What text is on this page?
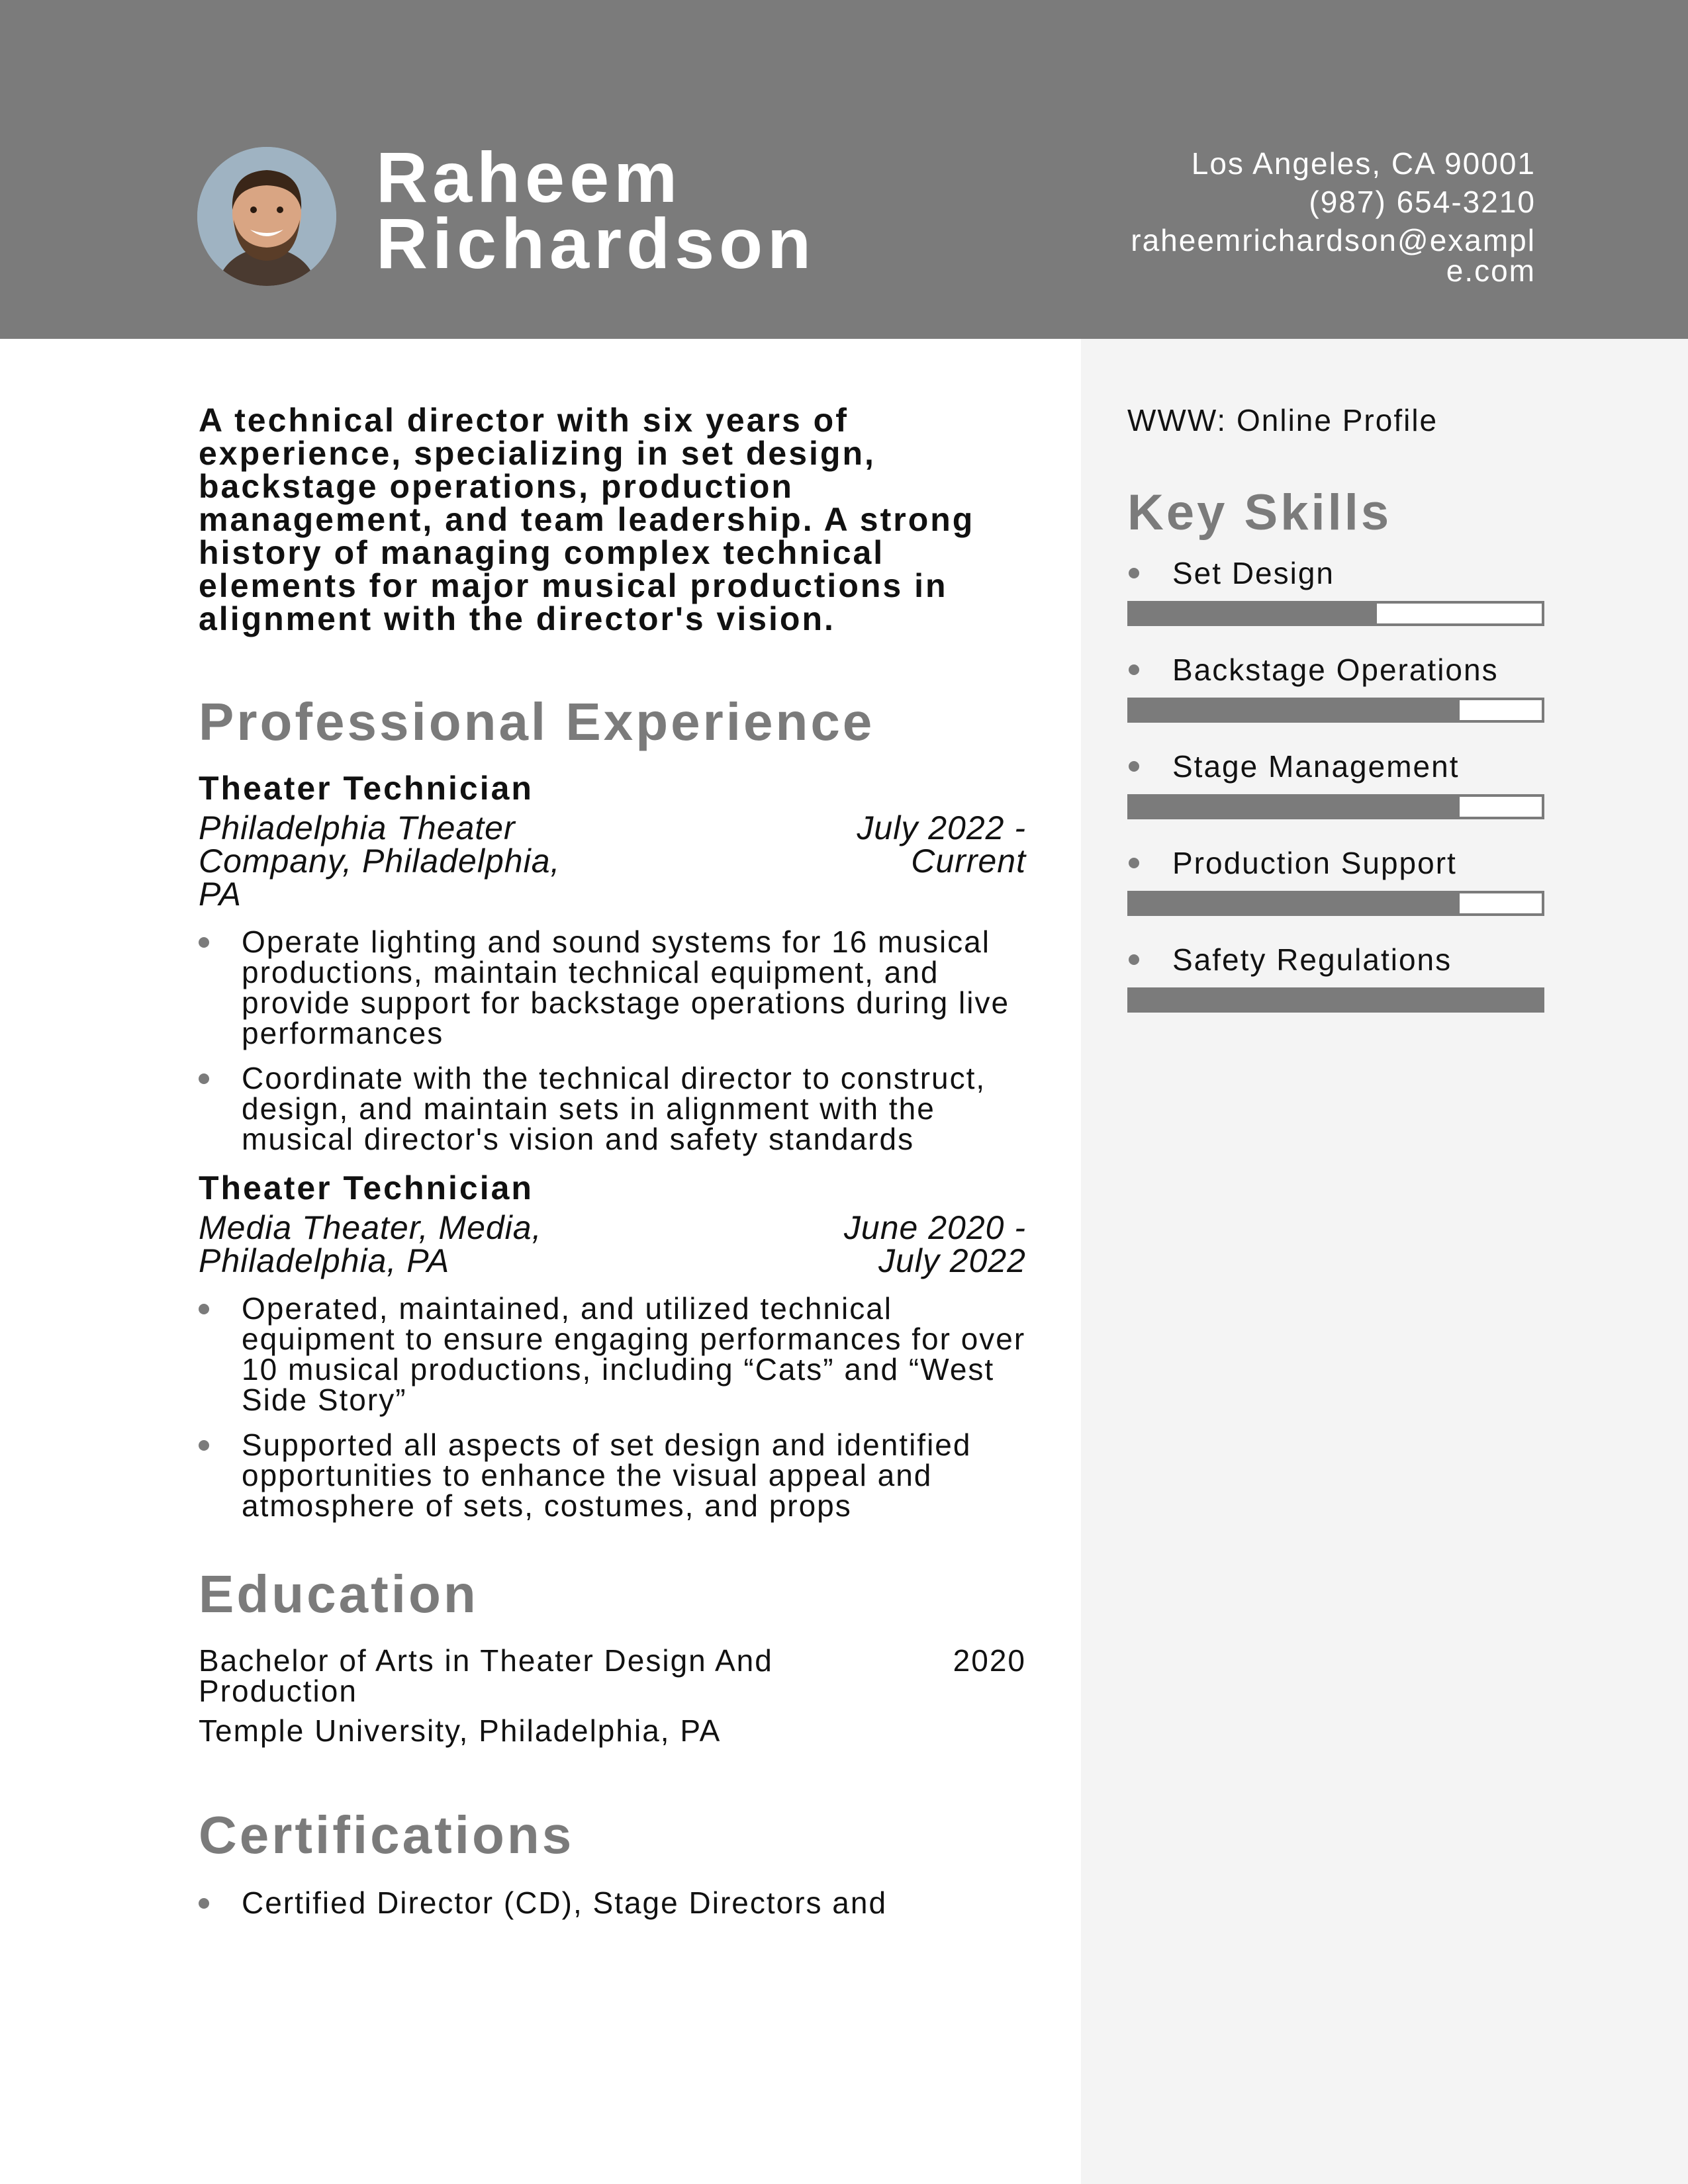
Raheem
Richardson
Los Angeles, CA 90001
(987) 654-3210
raheemrichardson@exampl
e.com

A technical director with six years of experience, specializing in set design, backstage operations, production management, and team leadership. A strong history of managing complex technical elements for major musical productions in alignment with the director's vision.

Professional Experience

Theater Technician

Philadelphia Theater Company, Philadelphia, PA
July 2022 - Current
Operate lighting and sound systems for 16 musical productions, maintain technical equipment, and provide support for backstage operations during live performances
Coordinate with the technical director to construct, design, and maintain sets in alignment with the musical director's vision and safety standards

Theater Technician

Media Theater, Media, Philadelphia, PA
June 2020 - July 2022
Operated, maintained, and utilized technical equipment to ensure engaging performances for over 10 musical productions, including “Cats” and “West Side Story”
Supported all aspects of set design and identified opportunities to enhance the visual appeal and atmosphere of sets, costumes, and props
Education
Bachelor of Arts in Theater Design And Production
2020
Temple University, Philadelphia, PA
Certifications
Certified Director (CD), Stage Directors and
WWW: Online Profile
Key Skills
Set Design
Backstage Operations
Stage Management
Production Support
Safety Regulations
